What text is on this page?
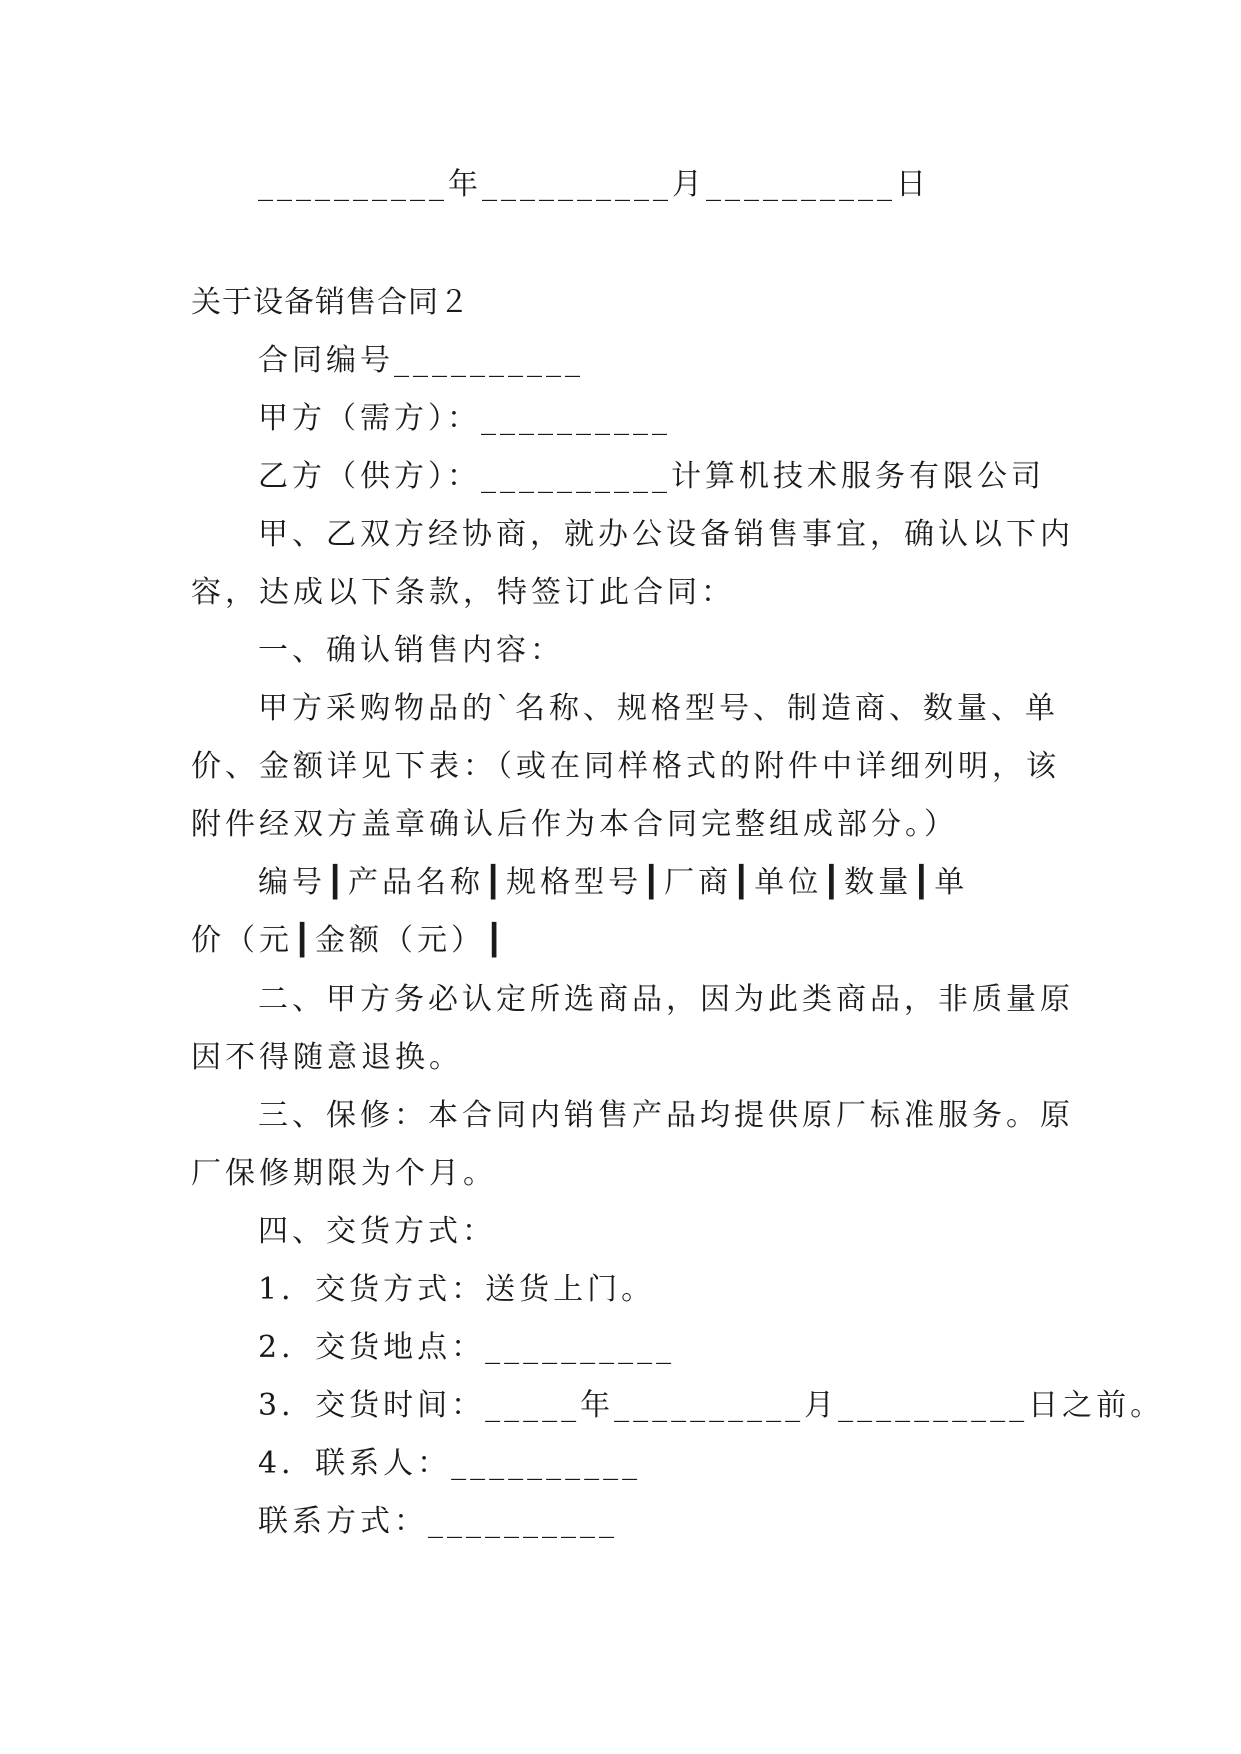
__________年__________月__________日
关于设备销售合同２
合同编号__________
甲方（需方）：__________
乙方（供方）：__________计算机技术服务有限公司
甲、乙双方经协商，就办公设备销售事宜，确认以下内
容，达成以下条款，特签订此合同：
一、确认销售内容：
甲方采购物品的`名称、规格型号、制造商、数量、单
价、金额详见下表：（或在同样格式的附件中详细列明，该
附件经双方盖章确认后作为本合同完整组成部分。）
编号┃产品名称┃规格型号┃厂商┃单位┃数量┃单
价（元┃金额（元）┃
二、甲方务必认定所选商品，因为此类商品，非质量原
因不得随意退换。
三、保修：本合同内销售产品均提供原厂标准服务。原
厂保修期限为个月。
四、交货方式：
1．交货方式：送货上门。
2．交货地点：__________
3．交货时间：_____年__________月__________日之前。
4．联系人：__________
联系方式：__________
